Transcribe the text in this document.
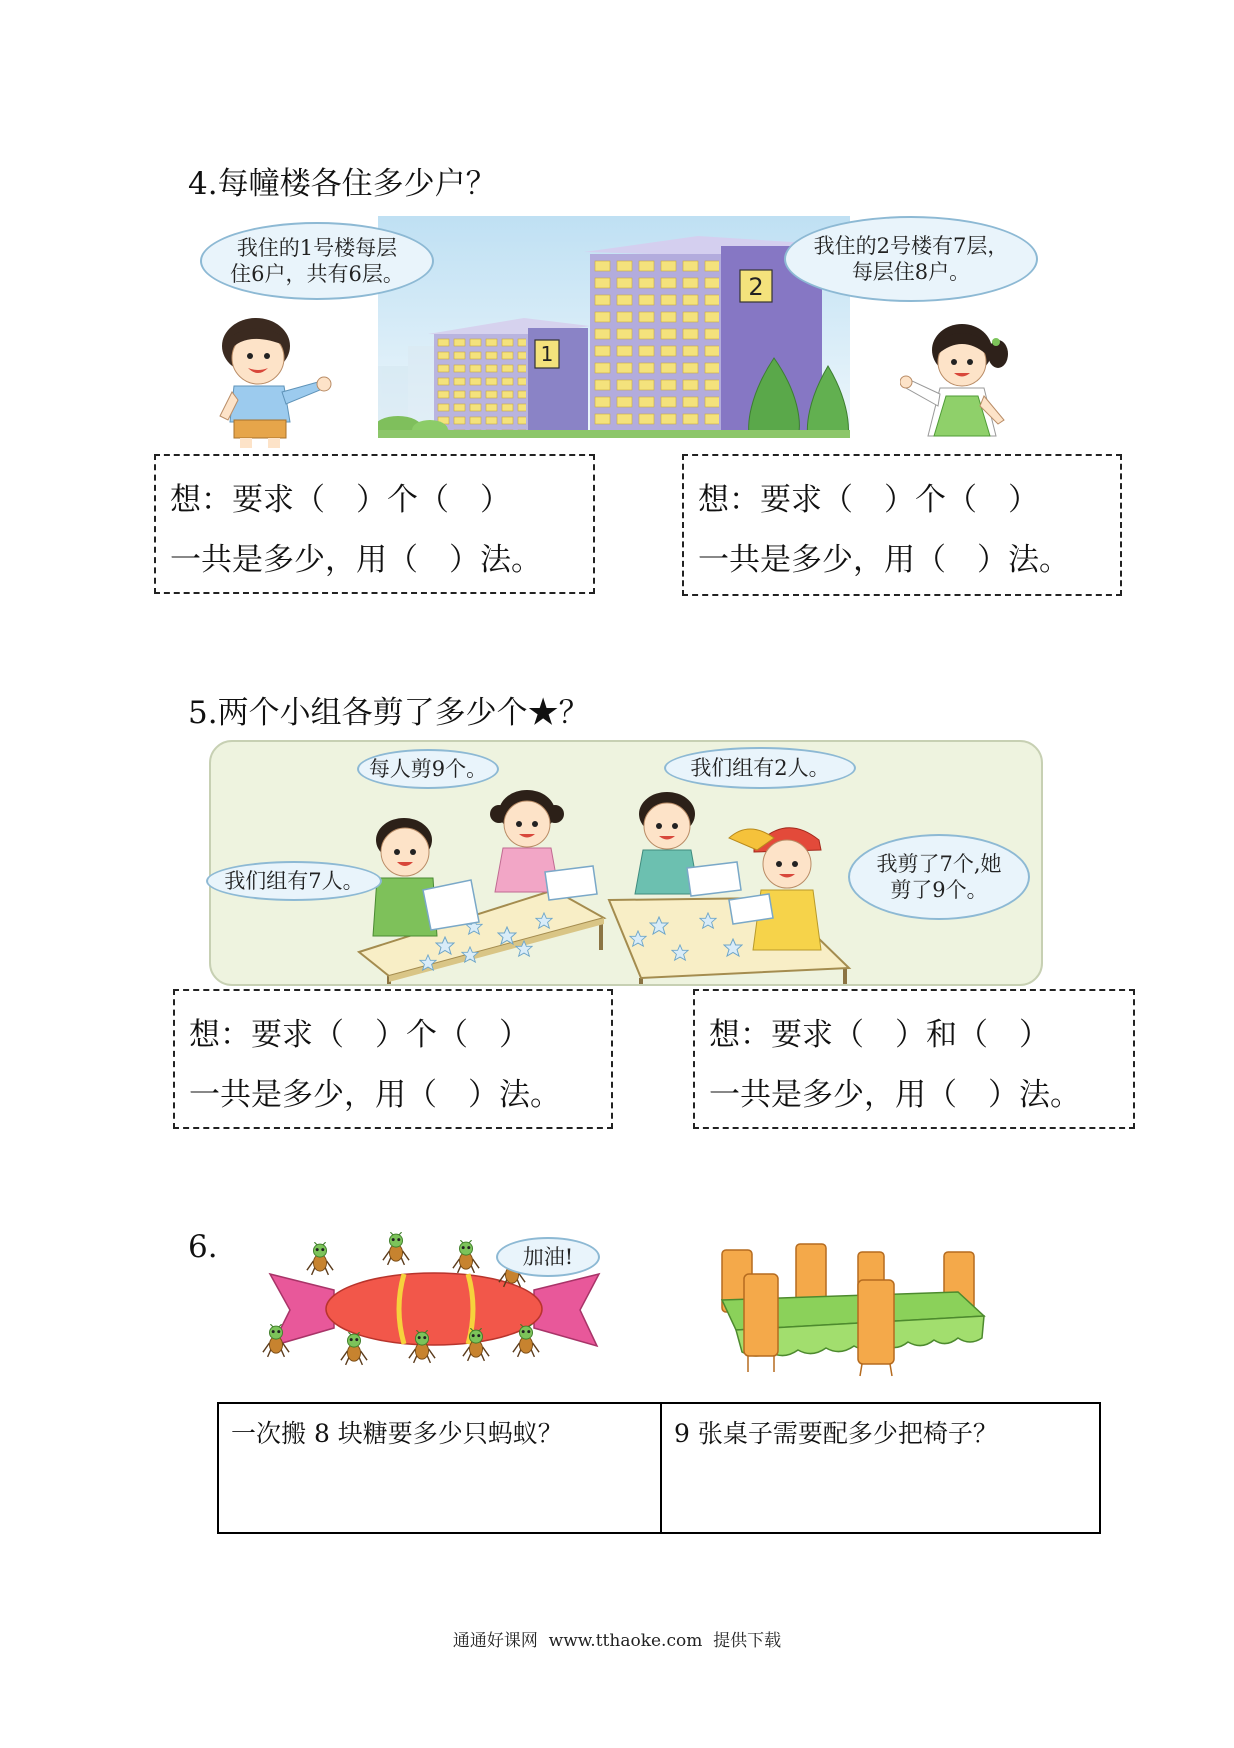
4.每幢楼各住多少户？
1
2
我住的1号楼每层
住6户，共有6层。
我住的2号楼有7层，
每层住8户。
想：要求（　）个（　）
一共是多少，用（　）法。
想：要求（　）个（　）
一共是多少，用（　）法。
5.两个小组各剪了多少个★？
每人剪9个。	我们组有2人。
我们组有7人。
我剪了7个,她
剪了9个。
想：要求（　）个（　）
一共是多少，用（　）法。
想：要求（　）和（　）
一共是多少，用（　）法。
6.	加油!
一次搬 8 块糖要多少只蚂蚁？	9 张桌子需要配多少把椅子？
通通好课网  www.tthaoke.com  提供下载
